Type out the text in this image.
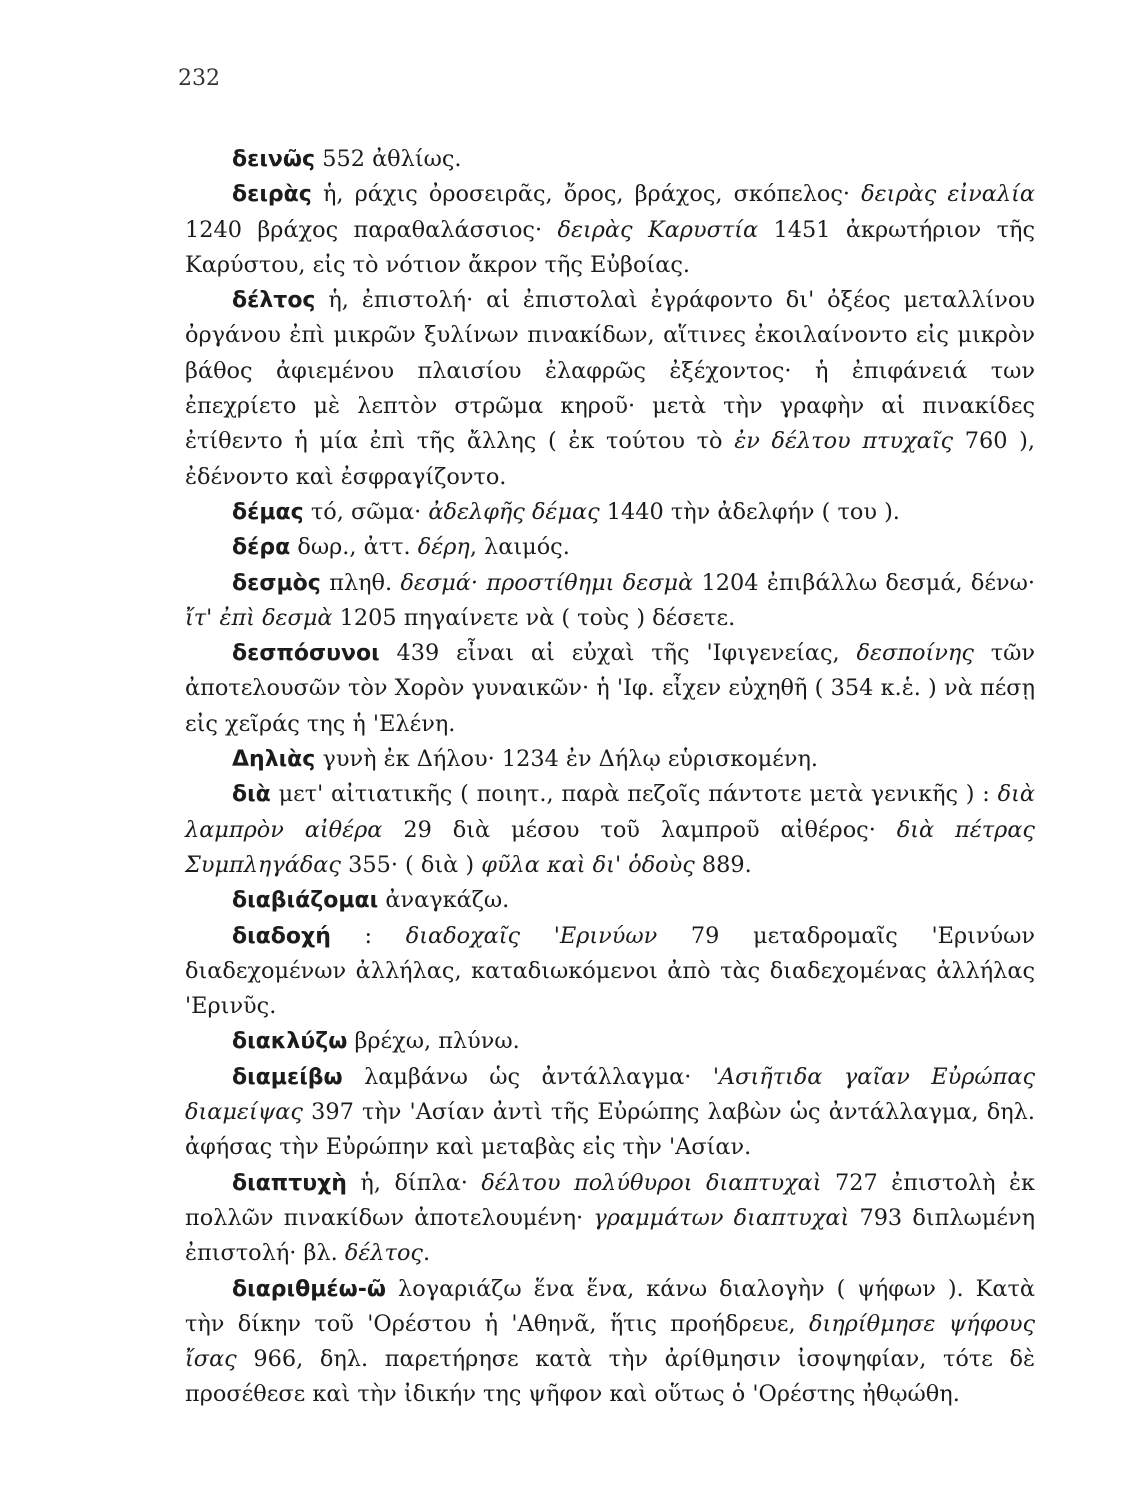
232

δεινῶς 552 ἀθλίως.

δειρὰς ἡ, ράχις ὀροσειρᾶς, ὄρος, βράχος, σκόπελος· δειρὰς εἰναλία 1240 βράχος παραθαλάσσιος· δειρὰς Καρυστία 1451 ἀκρωτήριον τῆς Καρύστου, εἰς τὸ νότιον ἄκρον τῆς Εὐβοίας.

δέλτος ἡ, ἐπιστολή· αἱ ἐπιστολαὶ ἐγράφοντο δι' ὀξέος μεταλλίνου ὀργάνου ἐπὶ μικρῶν ξυλίνων πινακίδων, αἵτινες ἐκοιλαίνοντο εἰς μικρὸν βάθος ἀφιεμένου πλαισίου ἐλαφρῶς ἐξέχοντος· ἡ ἐπιφάνειά των ἐπεχρίετο μὲ λεπτὸν στρῶμα κηροῦ· μετὰ τὴν γραφὴν αἱ πινακίδες ἐτίθεντο ἡ μία ἐπὶ τῆς ἄλλης ( ἐκ τούτου τὸ ἐν δέλτου πτυχαῖς 760 ), ἐδένοντο καὶ ἐσφραγίζοντο.

δέμας τό, σῶμα· ἀδελφῆς δέμας 1440 τὴν ἀδελφήν ( του ).

δέρα δωρ., ἀττ. δέρη, λαιμός.

δεσμὸς πληθ. δεσμά· προστίθημι δεσμὰ 1204 ἐπιβάλλω δεσμά, δένω· ἴτ' ἐπὶ δεσμὰ 1205 πηγαίνετε νὰ ( τοὺς ) δέσετε.

δεσπόσυνοι 439 εἶναι αἱ εὐχαὶ τῆς 'Ιφιγενείας, δεσποίνης τῶν ἀποτελουσῶν τὸν Χορὸν γυναικῶν· ἡ 'Ιφ. εἶχεν εὐχηθῆ ( 354 κ.ἑ. ) νὰ πέσῃ εἰς χεῖράς της ἡ 'Ελένη.

Δηλιὰς γυνὴ ἐκ Δήλου· 1234 ἐν Δήλῳ εὑρισκομένη.

διὰ μετ' αἰτιατικῆς ( ποιητ., παρὰ πεζοῖς πάντοτε μετὰ γενικῆς ) : διὰ λαμπρὸν αἰθέρα 29 διὰ μέσου τοῦ λαμπροῦ αἰθέρος· διὰ πέτρας Συμπληγάδας 355· ( διὰ ) φῦλα καὶ δι' ὁδοὺς 889.

διαβιάζομαι ἀναγκάζω.

διαδοχή : διαδοχαῖς 'Ερινύων 79 μεταδρομαῖς 'Ερινύων διαδεχομένων ἀλλήλας, καταδιωκόμενοι ἀπὸ τὰς διαδεχομένας ἀλλήλας 'Ερινῦς.

διακλύζω βρέχω, πλύνω.

διαμείβω λαμβάνω ὡς ἀντάλλαγμα· 'Ασιῆτιδα γαῖαν Εὐρώπας διαμείψας 397 τὴν 'Ασίαν ἀντὶ τῆς Εὐρώπης λαβὼν ὡς ἀντάλλαγμα, δηλ. ἀφήσας τὴν Εὐρώπην καὶ μεταβὰς εἰς τὴν 'Ασίαν.

διαπτυχὴ ἡ, δίπλα· δέλτου πολύθυροι διαπτυχαὶ 727 ἐπιστολὴ ἐκ πολλῶν πινακίδων ἀποτελουμένη· γραμμάτων διαπτυχαὶ 793 διπλωμένη ἐπιστολή· βλ. δέλτος.

διαριθμέω-ῶ λογαριάζω ἕνα ἕνα, κάνω διαλογὴν ( ψήφων ). Κατὰ τὴν δίκην τοῦ 'Ορέστου ἡ 'Αθηνᾶ, ἥτις προήδρευε, διηρίθμησε ψήφους ἴσας 966, δηλ. παρετήρησε κατὰ τὴν ἀρίθμησιν ἰσοψηφίαν, τότε δὲ προσέθεσε καὶ τὴν ἰδικήν της ψῆφον καὶ οὕτως ὁ 'Ορέστης ἠθῳώθη.
